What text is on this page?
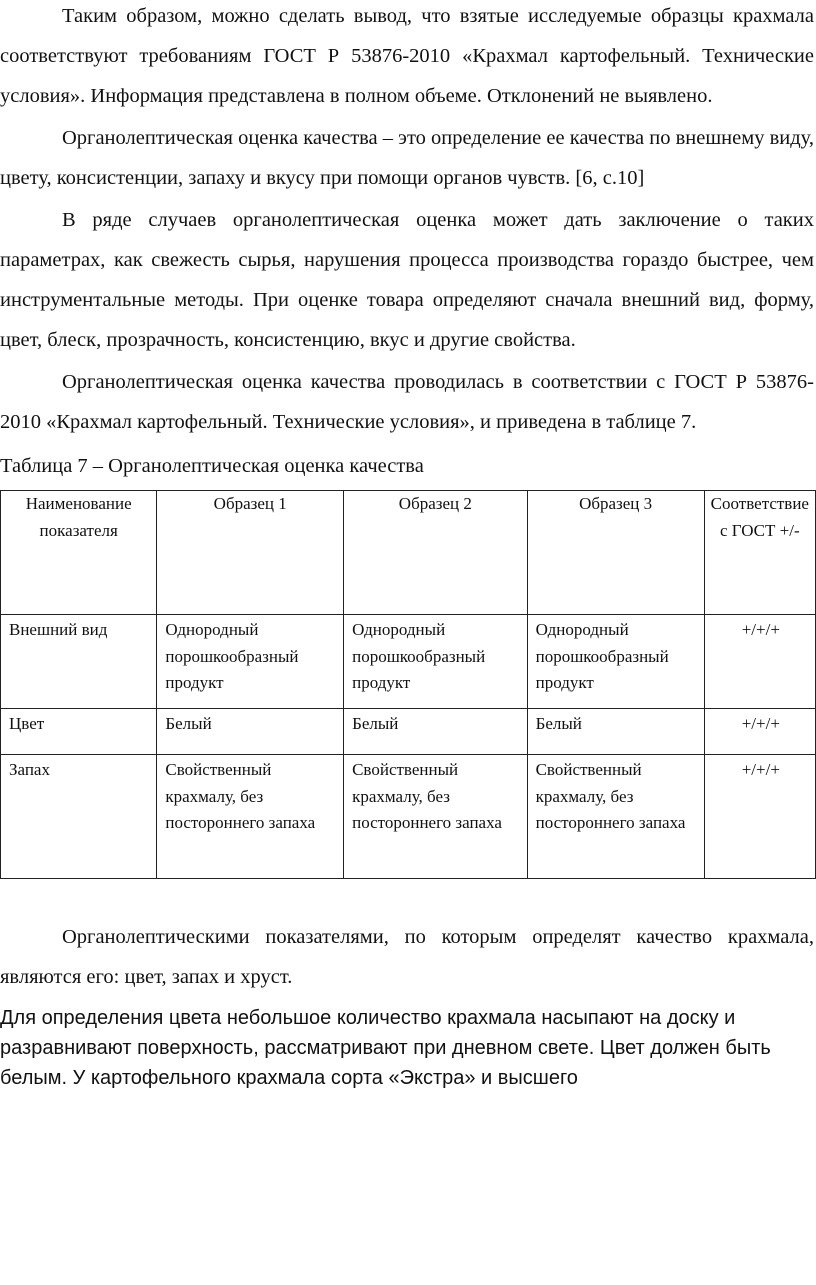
Таким образом, можно сделать вывод, что взятые исследуемые образцы крахмала соответствуют требованиям ГОСТ Р 53876-2010 «Крахмал картофельный. Технические условия». Информация представлена в полном объеме. Отклонений не выявлено.

Органолептическая оценка качества – это определение ее качества по внешнему виду, цвету, консистенции, запаху и вкусу при помощи органов чувств. [6, с.10]

В ряде случаев органолептическая оценка может дать заключение о таких параметрах, как свежесть сырья, нарушения процесса производства гораздо быстрее, чем инструментальные методы. При оценке товара определяют сначала внешний вид, форму, цвет, блеск, прозрачность, консистенцию, вкус и другие свойства.

Органолептическая оценка качества проводилась в соответствии с ГОСТ Р 53876-2010 «Крахмал картофельный. Технические условия», и приведена в таблице 7.

Таблица 7 – Органолептическая оценка качества

Наименование показателя	Образец 1	Образец 2	Образец 3	Соответствие с ГОСТ +/-
Внешний вид	Однородный порошкообразный продукт	Однородный порошкообразный продукт	Однородный порошкообразный продукт	+/+/+
Цвет	Белый	Белый	Белый	+/+/+
Запах	Свойственный крахмалу, без постороннего запаха	Свойственный крахмалу, без постороннего запаха	Свойственный крахмалу, без постороннего запаха	+/+/+

Органолептическими показателями, по которым определят качество крахмала, являются его: цвет, запах и хруст.

Для определения цвета небольшое количество крахмала насыпают на доску и разравнивают поверхность, рассматривают при дневном свете. Цвет должен быть белым. У картофельного крахмала сорта «Экстра» и высшего
